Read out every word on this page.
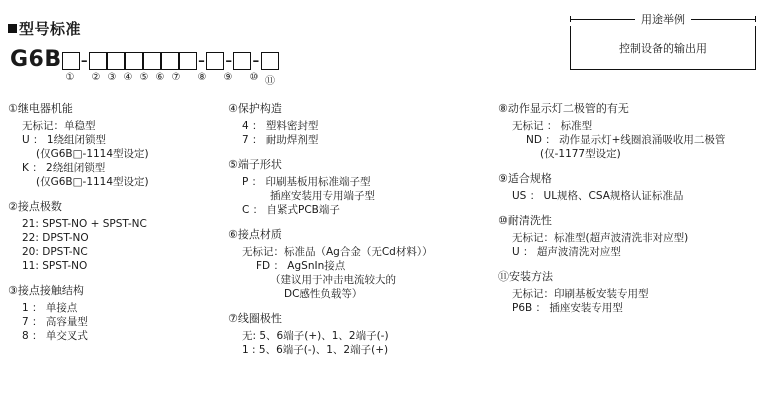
型号标准
G6B -	- - -
①	② ③ ④ ⑤ ⑥ ⑦	⑧	⑨	⑩ ⑪
用途举例
控制设备的输出用
①继电器机能
无标记：单稳型
U ： 1绕组闭锁型
(仅G6B□-1114型设定)
K ： 2绕组闭锁型
(仅G6B□-1114型设定)
②接点极数
21: SPST-NO + SPST-NC
22: DPST-NO
20: DPST-NC
11: SPST-NO
③接点接触结构
1 ： 单接点
7 ： 高容量型
8 ： 单交叉式
④保护构造
4 ： 塑料密封型
7 ： 耐助焊剂型
⑤端子形状
P ： 印刷基板用标准端子型
插座安装用专用端子型
C ： 自紧式PCB端子
⑥接点材质
无标记：标准品（Ag合金（无Cd材料））
FD ： AgSnIn接点
（建议用于冲击电流较大的
DC感性负载等）
⑦线圈极性
无: 5、6端子(+)、1、2端子(-)
1 : 5、6端子(-)、1、2端子(+)
⑧动作显示灯二极管的有无
无标记 ： 标准型
ND ： 动作显示灯+线圈浪涌吸收用二极管
(仅-1177型设定)
⑨适合规格
US ： UL规格、CSA规格认证标准品
⑩耐清洗性
无标记：标准型(超声波清洗非对应型)
U ： 超声波清洗对应型
⑪安装方法
无标记：印刷基板安装专用型
P6B ： 插座安装专用型
